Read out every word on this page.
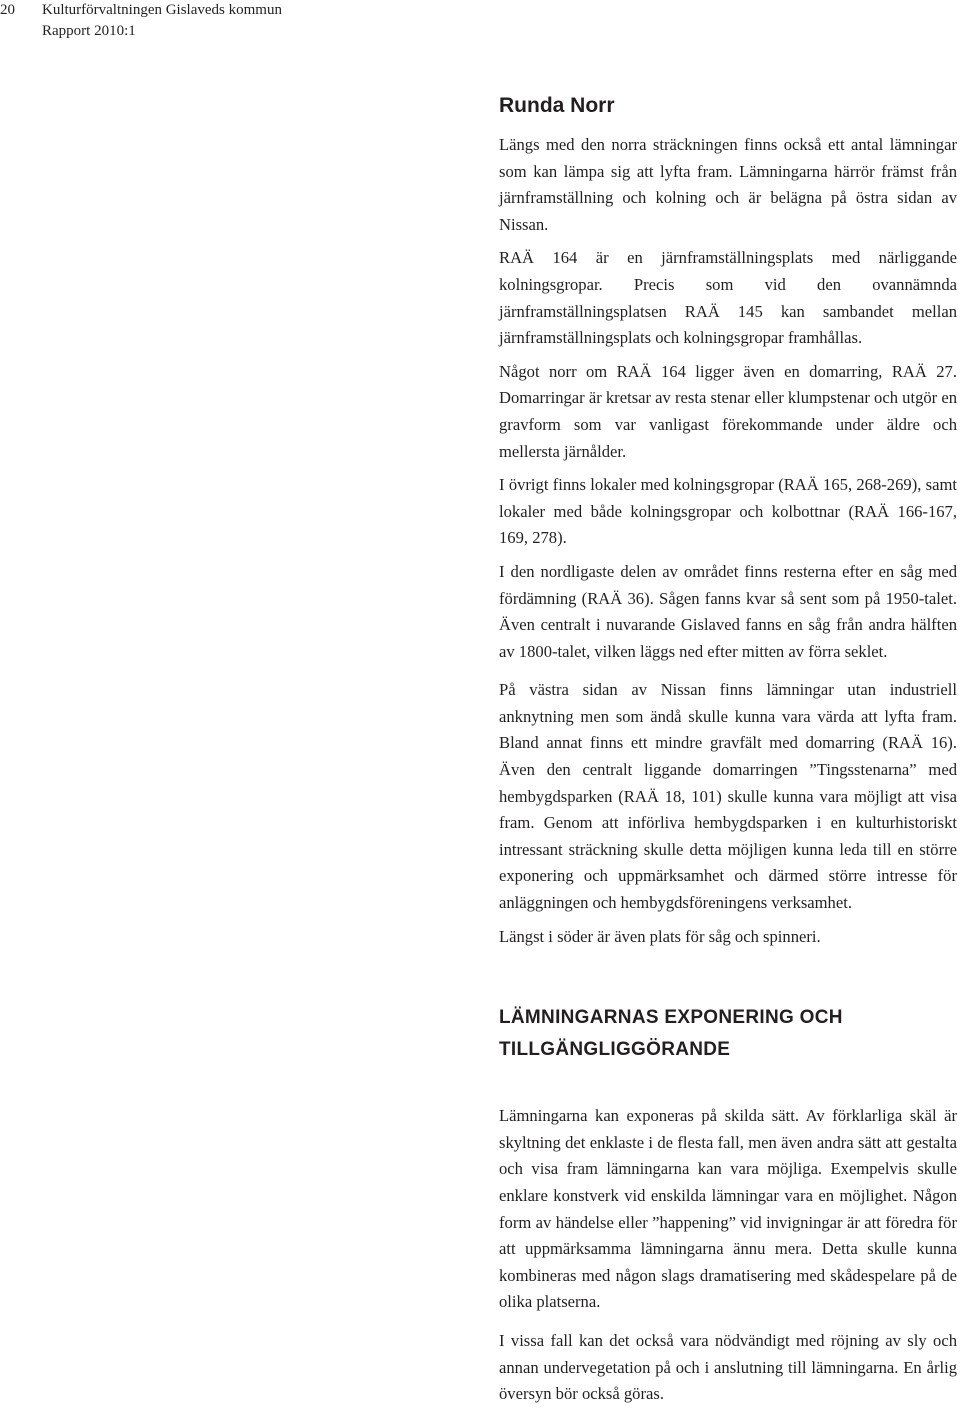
20 Kulturförvaltningen Gislaveds kommun
Rapport 2010:1
Runda Norr

Längs med den norra sträckningen finns också ett antal lämningar som kan lämpa sig att lyfta fram. Lämningarna härrör främst från järnframställning och kolning och är belägna på östra sidan av Nissan.

RAÄ 164 är en järnframställningsplats med närliggande kolningsgropar. Precis som vid den ovannämnda järnframställningsplatsen RAÄ 145 kan sambandet mellan järnframställningsplats och kolningsgropar framhållas.

Något norr om RAÄ 164 ligger även en domarring, RAÄ 27. Domarringar är kretsar av resta stenar eller klumpstenar och utgör en gravform som var vanligast förekommande under äldre och mellersta järnålder.

I övrigt finns lokaler med kolningsgropar (RAÄ 165, 268-269), samt lokaler med både kolningsgropar och kolbottnar (RAÄ 166-167, 169, 278).

I den nordligaste delen av området finns resterna efter en såg med fördämning (RAÄ 36). Sågen fanns kvar så sent som på 1950-talet. Även centralt i nuvarande Gislaved fanns en såg från andra hälften av 1800-talet, vilken läggs ned efter mitten av förra seklet.

På västra sidan av Nissan finns lämningar utan industriell anknytning men som ändå skulle kunna vara värda att lyfta fram. Bland annat finns ett mindre gravfält med domarring (RAÄ 16). Även den centralt liggande domarringen ”Tingsstenarna” med hembygdsparken (RAÄ 18, 101) skulle kunna vara möjligt att visa fram. Genom att införliva hembygdsparken i en kulturhistoriskt intressant sträckning skulle detta möjligen kunna leda till en större exponering och uppmärksamhet och därmed större intresse för anläggningen och hembygdsföreningens verksamhet.

Längst i söder är även plats för såg och spinneri.

LÄMNINGARNAS EXPONERING OCH TILLGÄNGLIGGÖRANDE

Lämningarna kan exponeras på skilda sätt. Av förklarliga skäl är skyltning det enklaste i de flesta fall, men även andra sätt att gestalta och visa fram lämningarna kan vara möjliga. Exempelvis skulle enklare konstverk vid enskilda lämningar vara en möjlighet. Någon form av händelse eller ”happening” vid invigningar är att föredra för att uppmärksamma lämningarna ännu mera. Detta skulle kunna kombineras med någon slags dramatisering med skådespelare på de olika platserna.

I vissa fall kan det också vara nödvändigt med röjning av sly och annan undervegetation på och i anslutning till lämningarna. En årlig översyn bör också göras.
